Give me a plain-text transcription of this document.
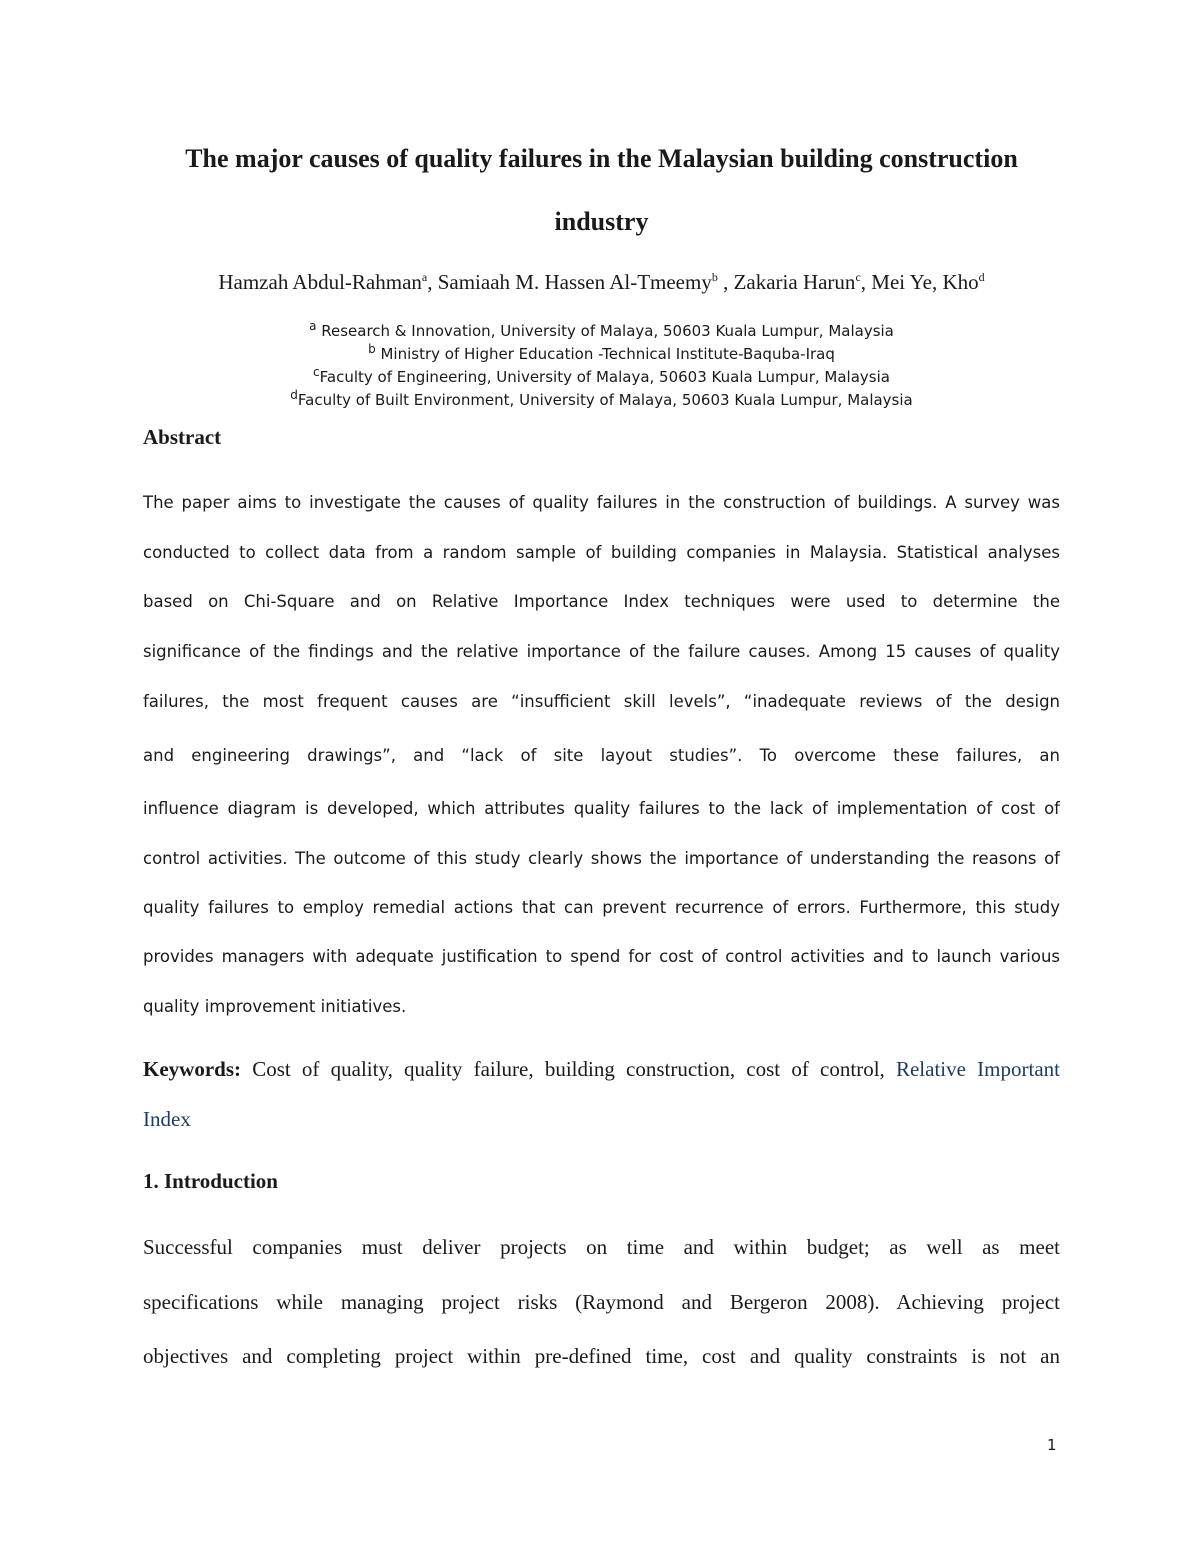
The major causes of quality failures in the Malaysian building construction
industry

Hamzah Abdul-Rahman$^a$, Samiaah M. Hassen Al-Tmeemy$^b$ , Zakaria Harun$^c$, Mei Ye, Kho$^d$

$^a$ Research & Innovation, University of Malaya, 50603 Kuala Lumpur, Malaysia

$^b$ Ministry of Higher Education -Technical Institute-Baquba-Iraq

$^c$Faculty of Engineering, University of Malaya, 50603 Kuala Lumpur, Malaysia

$^d$Faculty of Built Environment, University of Malaya, 50603 Kuala Lumpur, Malaysia

Abstract

The paper aims to investigate the causes of quality failures in the construction of buildings. A survey was

conducted to collect data from a random sample of building companies in Malaysia. Statistical analyses

based on Chi-Square and on Relative Importance Index techniques were used to determine the

significance of the findings and the relative importance of the failure causes. Among 15 causes of quality

failures, the most frequent causes are “insufficient skill levels”, “inadequate reviews of the design

and engineering drawings”, and “lack of site layout studies”. To overcome these failures, an

influence diagram is developed, which attributes quality failures to the lack of implementation of cost of

control activities. The outcome of this study clearly shows the importance of understanding the reasons of

quality failures to employ remedial actions that can prevent recurrence of errors. Furthermore, this study

provides managers with adequate justification to spend for cost of control activities and to launch various

quality improvement initiatives.

Keywords: Cost of quality, quality failure, building construction, cost of control, Relative Important

Index

1. Introduction

Successful companies must deliver projects on time and within budget; as well as meet

specifications while managing project risks (Raymond and Bergeron 2008). Achieving project

objectives and completing project within pre-defined time, cost and quality constraints is not an

1
